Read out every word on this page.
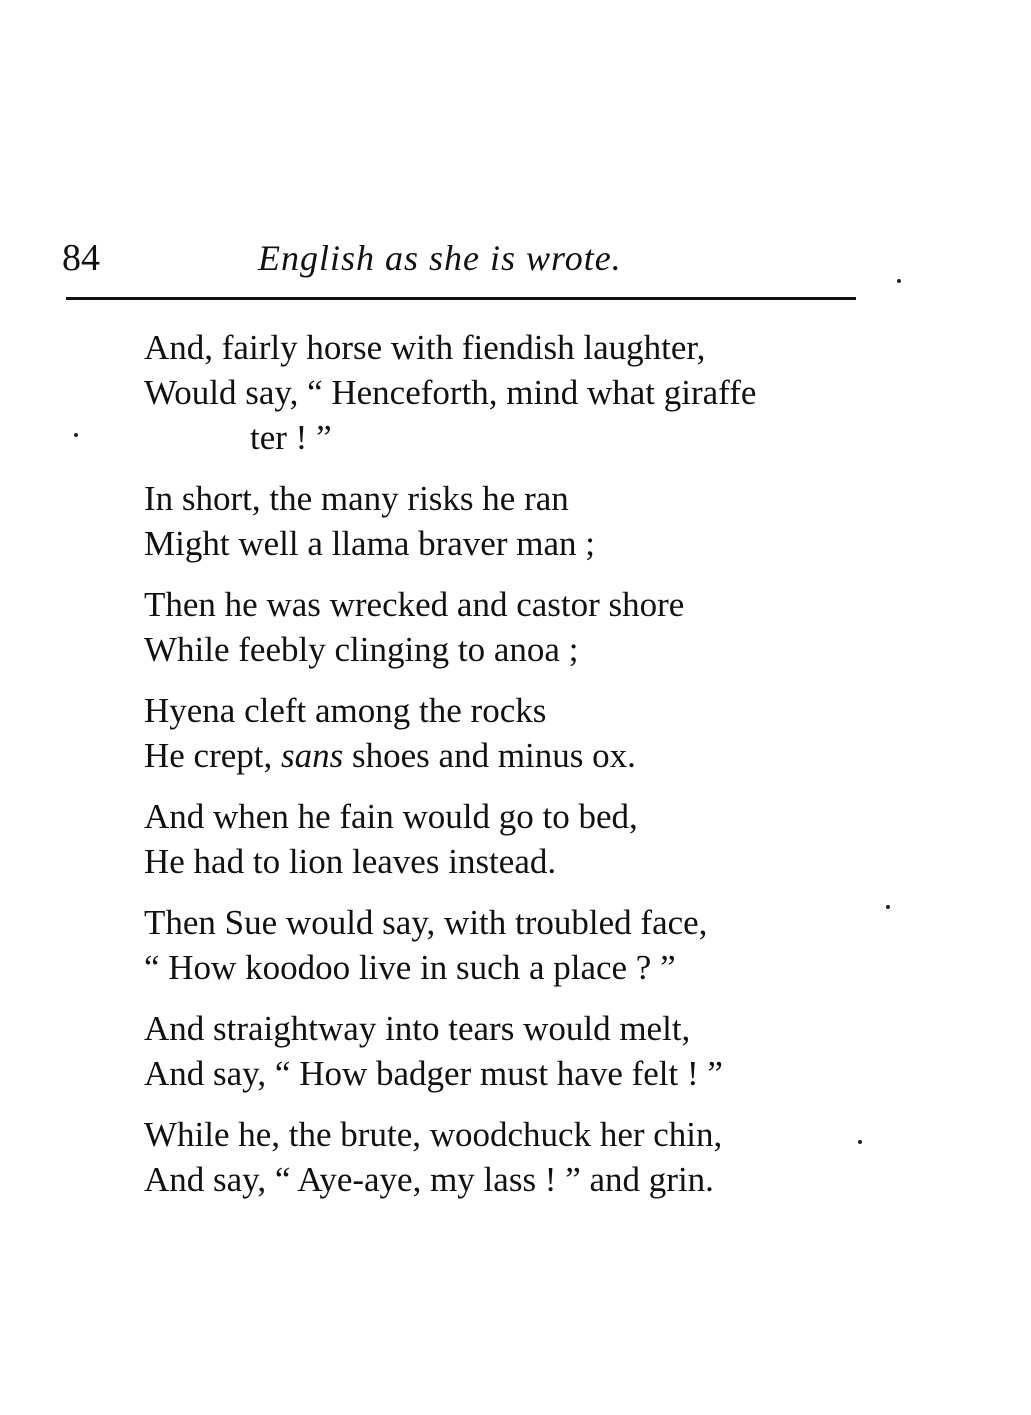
84	English as she is wrote.
And, fairly horse with fiendish laughter,
Would say, “ Henceforth, mind what giraffe
ter ! ”
In short, the many risks he ran
Might well a llama braver man ;
Then he was wrecked and castor shore
While feebly clinging to anoa ;
Hyena cleft among the rocks
He crept, sans shoes and minus ox.
And when he fain would go to bed,
He had to lion leaves instead.
Then Sue would say, with troubled face,
“ How koodoo live in such a place ? ”
And straightway into tears would melt,
And say, “ How badger must have felt ! ”
While he, the brute, woodchuck her chin,
And say, “ Aye-aye, my lass ! ” and grin.
